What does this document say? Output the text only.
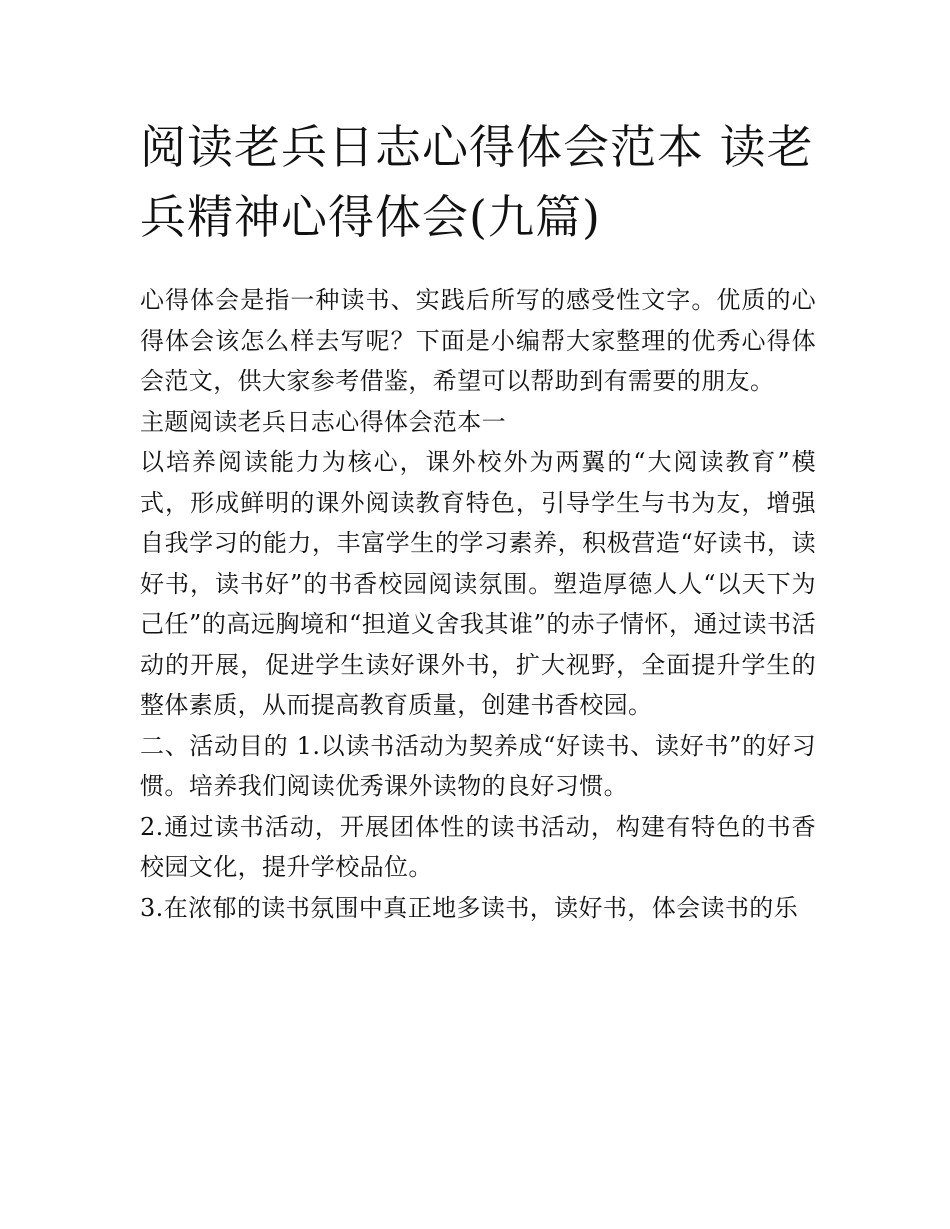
阅读老兵日志心得体会范本 读老兵精神心得体会(九篇)

心得体会是指一种读书、实践后所写的感受性文字。优质的心得体会该怎么样去写呢？下面是小编帮大家整理的优秀心得体会范文，供大家参考借鉴，希望可以帮助到有需要的朋友。

主题阅读老兵日志心得体会范本一

以培养阅读能力为核心，课外校外为两翼的“大阅读教育”模式，形成鲜明的课外阅读教育特色，引导学生与书为友，增强自我学习的能力，丰富学生的学习素养，积极营造“好读书，读好书，读书好”的书香校园阅读氛围。塑造厚德人人“以天下为己任”的高远胸境和“担道义舍我其谁”的赤子情怀，通过读书活动的开展，促进学生读好课外书，扩大视野，全面提升学生的整体素质，从而提高教育质量，创建书香校园。

二、活动目的 1.以读书活动为契养成“好读书、读好书”的好习惯。培养我们阅读优秀课外读物的良好习惯。

2.通过读书活动，开展团体性的读书活动，构建有特色的书香校园文化，提升学校品位。

3.在浓郁的读书氛围中真正地多读书，读好书，体会读书的乐
